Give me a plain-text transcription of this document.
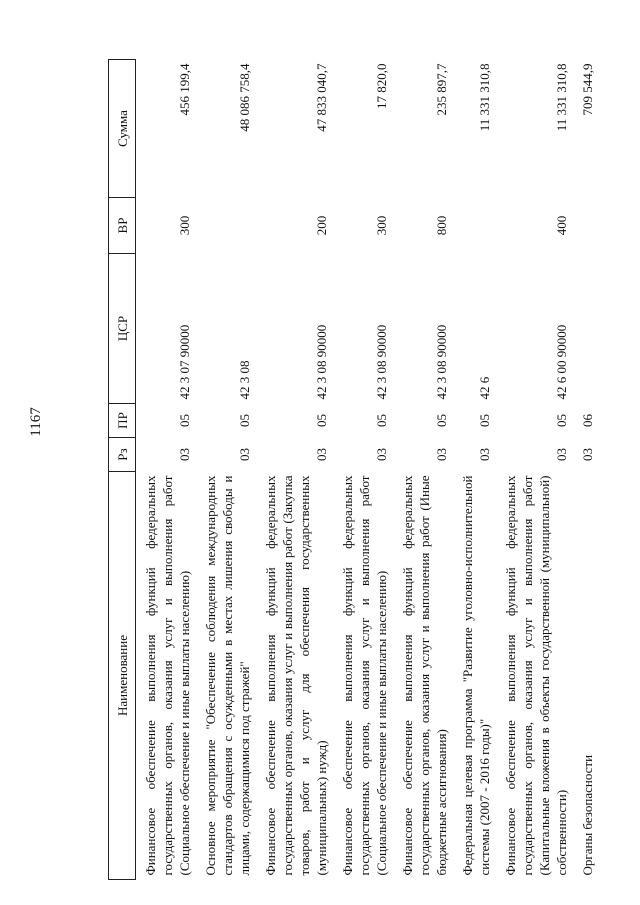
1167
Наименование	Рз	ПР	ЦСР	ВР	Сумма
Финансовое обеспечение выполнения функций федеральных государственных органов, оказания услуг и выполнения работ (Социальное обеспечение и иные выплаты населению)	03	05	42 3 07 90000	300	456 199,4
Основное мероприятие "Обеспечение соблюдения международных стандартов обращения с осужденными в местах лишения свободы и лицами, содержащимися под стражей"	03	05	42 3 08		48 086 758,4
Финансовое обеспечение выполнения функций федеральных государственных органов, оказания услуг и выполнения работ (Закупка товаров, работ и услуг для обеспечения государственных (муниципальных) нужд)	03	05	42 3 08 90000	200	47 833 040,7
Финансовое обеспечение выполнения функций федеральных государственных органов, оказания услуг и выполнения работ (Социальное обеспечение и иные выплаты населению)	03	05	42 3 08 90000	300	17 820,0
Финансовое обеспечение выполнения функций федеральных государственных органов, оказания услуг и выполнения работ (Иные бюджетные ассигнования)	03	05	42 3 08 90000	800	235 897,7
Федеральная целевая программа "Развитие уголовно-исполнительной системы (2007 - 2016 годы)"	03	05	42 6		11 331 310,8
Финансовое обеспечение выполнения функций федеральных государственных органов, оказания услуг и выполнения работ (Капитальные вложения в объекты государственной (муниципальной) собственности)	03	05	42 6 00 90000	400	11 331 310,8
Органы безопасности	03	06			709 544,9
